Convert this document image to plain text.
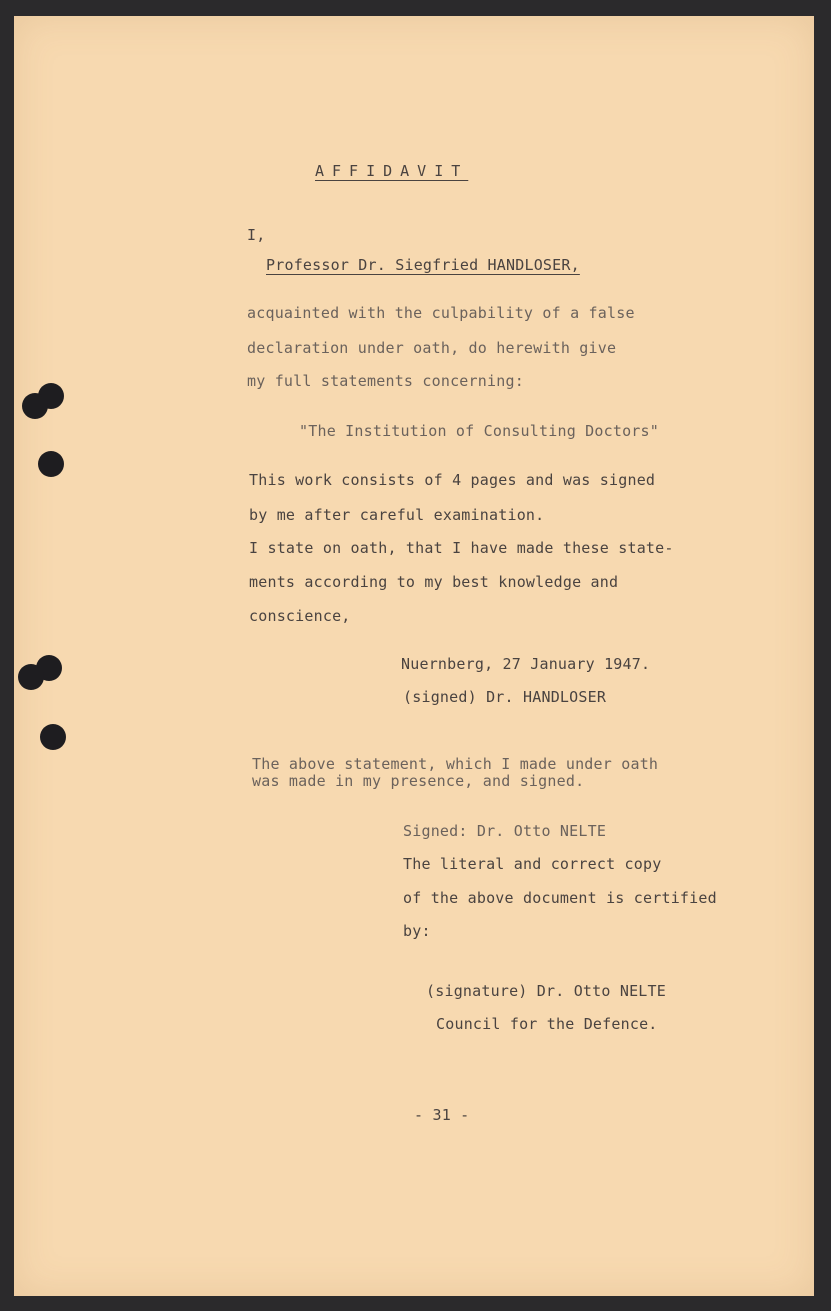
AFFIDAVIT
I,
Professor Dr. Siegfried HANDLOSER,
acquainted with the culpability of a false
declaration under oath, do herewith give
my full statements concerning:
"The Institution of Consulting Doctors"
This work consists of 4 pages and was signed
by me after careful examination.
I state on oath, that I have made these state-
ments according to my best knowledge and
conscience,
Nuernberg, 27 January 1947.
(signed) Dr. HANDLOSER
The above statement, which I made under oath
was made in my presence, and signed.
Signed: Dr. Otto NELTE
The literal and correct copy
of the above document is certified
by:
(signature) Dr. Otto NELTE
Council for the Defence.
- 31 -
